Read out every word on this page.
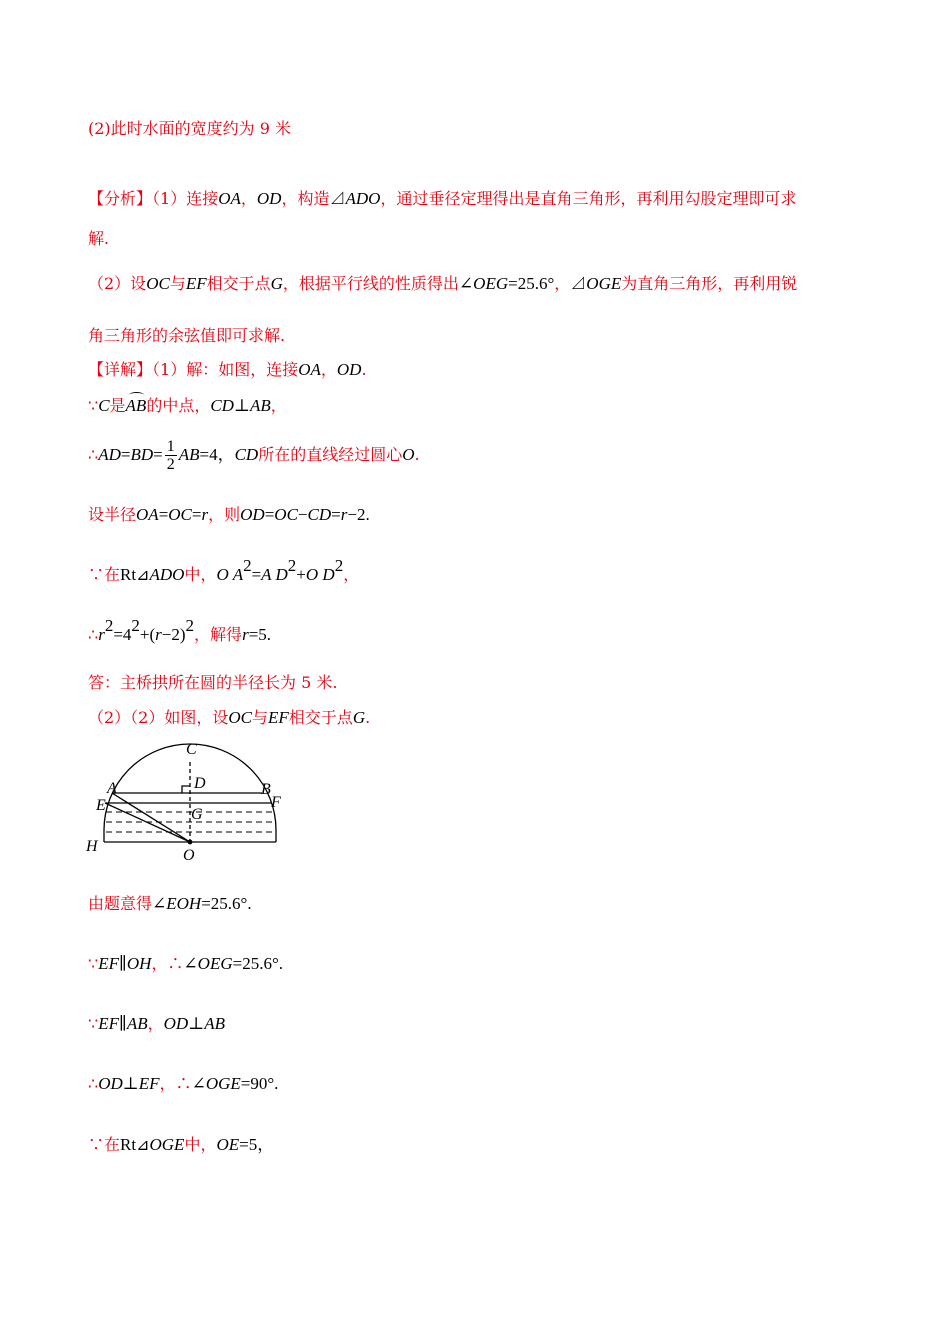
(2)此时水面的宽度约为 9 米
【分析】（1）连接OA，OD，构造⊿ADO，通过垂径定理得出是直角三角形，再利用勾股定理即可求
解.
（2）设OC与EF相交于点G，根据平行线的性质得出∠OEG=25.6°，⊿OGE为直角三角形，再利用锐
角三角形的余弦值即可求解.
【详解】（1）解：如图，连接OA，OD.
∵C是AB的中点，CD⊥AB，
∴AD=BD= $\frac{1}{2} AB=4$，CD所在的直线经过圆心O.
设半径OA=OC=r，则OD=OC−CD=r−2.
∵在Rt⊿ADO中，O $A^2=A$ $D^2+O$ $D^2$，
$\therefore r^2=4^2+(r-2)^2$，解得r=5.
答：主桥拱所在圆的半径长为 5 米.
（2）（2）如图，设OC与EF相交于点G.
C
D
A	B
E	F
G
H
O
由题意得∠EOH=25.6°.
∵EF∥OH，∴∠OEG=25.6°.
∵EF∥AB，OD⊥AB
∴OD⊥EF，∴∠OGE=90°.
∵在Rt⊿OGE中，OE=5，
